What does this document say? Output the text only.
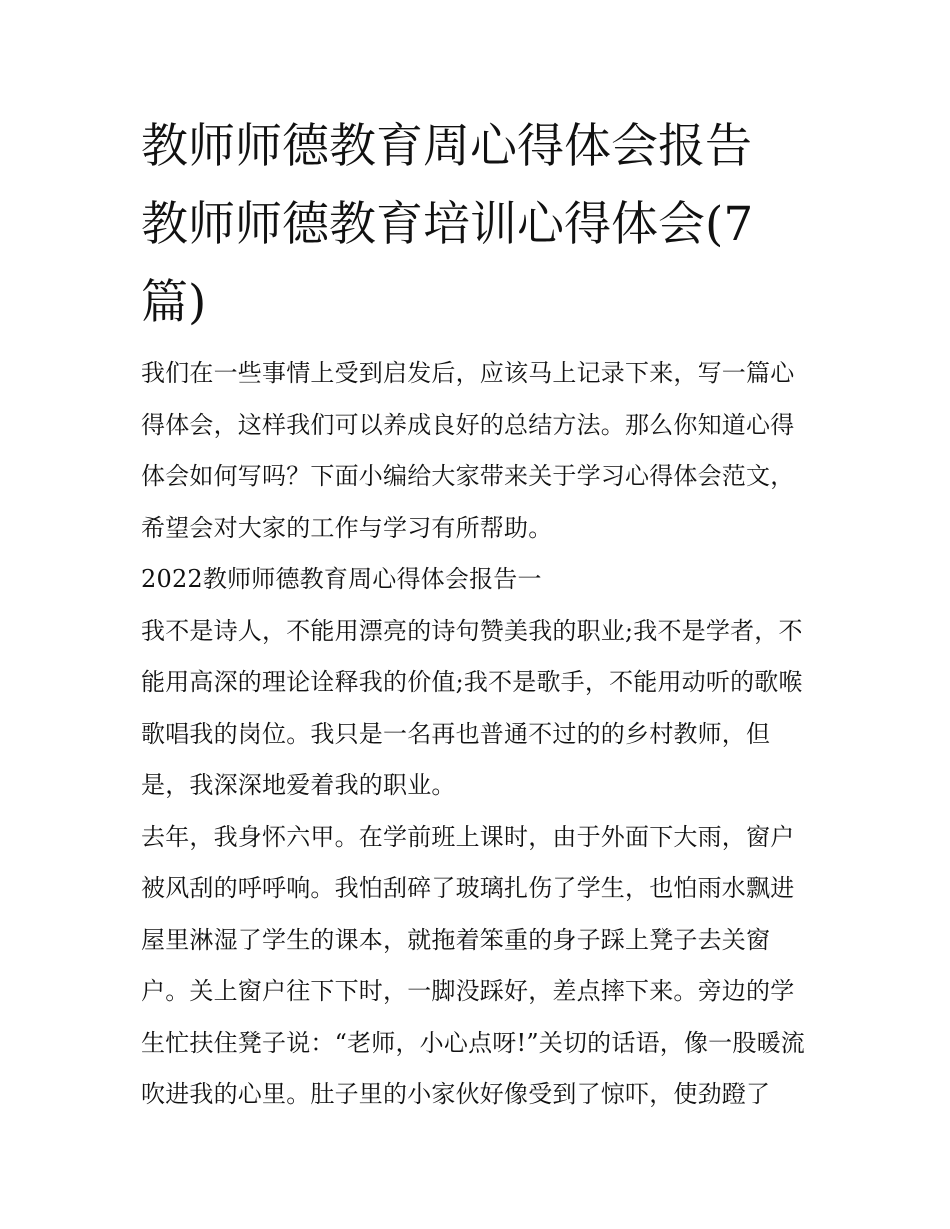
教师师德教育周心得体会报告
教师师德教育培训心得体会(7
篇)

我们在一些事情上受到启发后，应该马上记录下来，写一篇心得体会，这样我们可以养成良好的总结方法。那么你知道心得体会如何写吗？下面小编给大家带来关于学习心得体会范文，希望会对大家的工作与学习有所帮助。

2022教师师德教育周心得体会报告一

我不是诗人，不能用漂亮的诗句赞美我的职业;我不是学者，不能用高深的理论诠释我的价值;我不是歌手，不能用动听的歌喉歌唱我的岗位。我只是一名再也普通不过的的乡村教师，但是，我深深地爱着我的职业。

去年，我身怀六甲。在学前班上课时，由于外面下大雨，窗户被风刮的呼呼响。我怕刮碎了玻璃扎伤了学生，也怕雨水飘进屋里淋湿了学生的课本，就拖着笨重的身子踩上凳子去关窗户。关上窗户往下下时，一脚没踩好，差点摔下来。旁边的学生忙扶住凳子说：“老师，小心点呀!”关切的话语，像一股暖流吹进我的心里。肚子里的小家伙好像受到了惊吓，使劲蹬了
